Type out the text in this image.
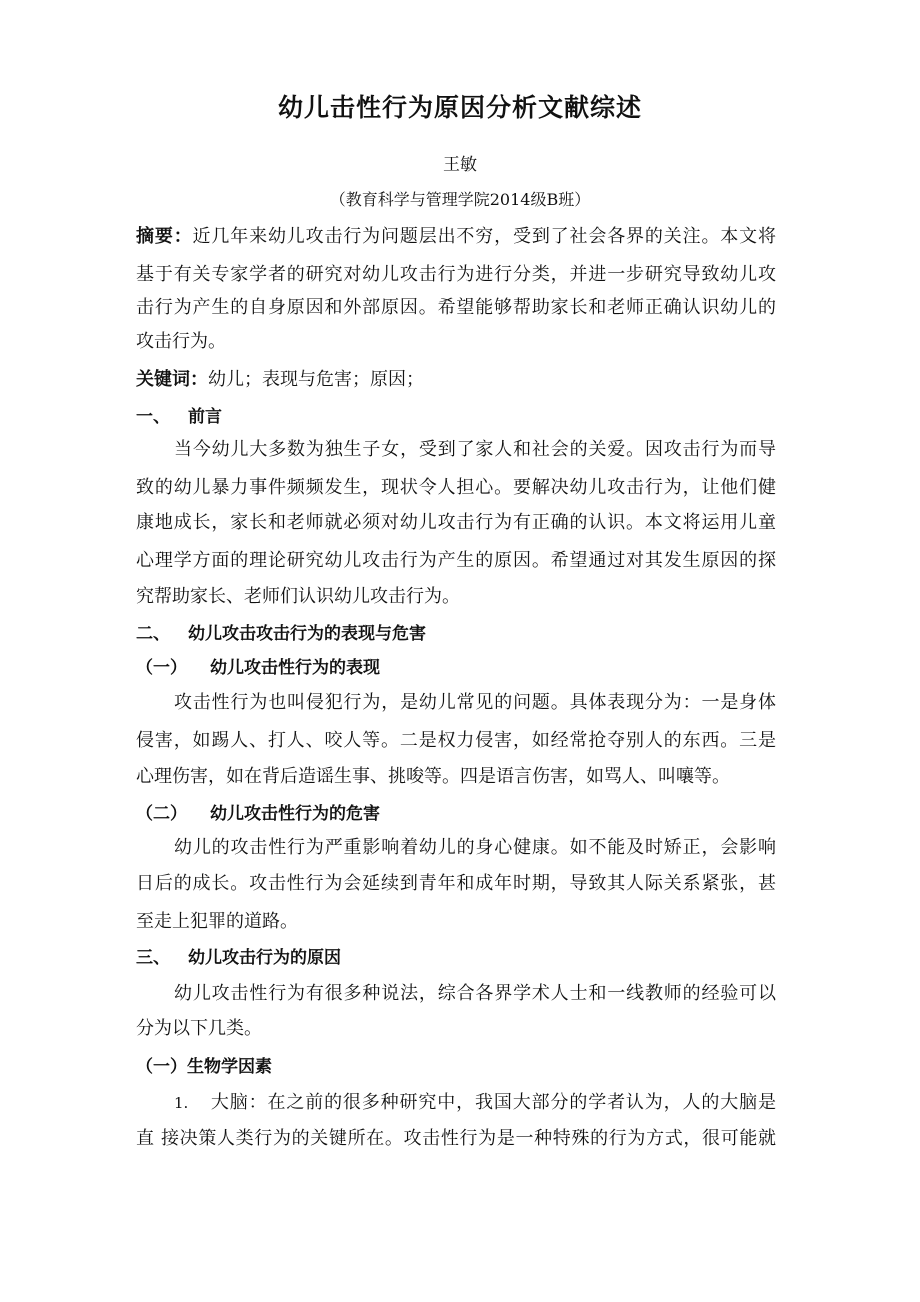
幼儿击性行为原因分析文献综述
王敏
（教育科学与管理学院2014级B班）
摘要：近几年来幼儿攻击行为问题层出不穷，受到了社会各界的关注。本文将
基于有关专家学者的研究对幼儿攻击行为进行分类，并进一步研究导致幼儿攻
击行为产生的自身原因和外部原因。希望能够帮助家长和老师正确认识幼儿的
攻击行为。
关键词：幼儿；表现与危害；原因；
一、 前言
当今幼儿大多数为独生子女，受到了家人和社会的关爱。因攻击行为而导
致的幼儿暴力事件频频发生，现状令人担心。要解决幼儿攻击行为，让他们健
康地成长，家长和老师就必须对幼儿攻击行为有正确的认识。本文将运用儿童
心理学方面的理论研究幼儿攻击行为产生的原因。希望通过对其发生原因的探
究帮助家长、老师们认识幼儿攻击行为。
二、 幼儿攻击攻击行为的表现与危害
（一） 幼儿攻击性行为的表现
攻击性行为也叫侵犯行为，是幼儿常见的问题。具体表现分为：一是身体
侵害，如踢人、打人、咬人等。二是权力侵害，如经常抢夺别人的东西。三是
心理伤害，如在背后造谣生事、挑唆等。四是语言伤害，如骂人、叫嚷等。
（二） 幼儿攻击性行为的危害
幼儿的攻击性行为严重影响着幼儿的身心健康。如不能及时矫正，会影响
日后的成长。攻击性行为会延续到青年和成年时期，导致其人际关系紧张，甚
至走上犯罪的道路。
三、 幼儿攻击行为的原因
幼儿攻击性行为有很多种说法，综合各界学术人士和一线教师的经验可以
分为以下几类。
（一）生物学因素
1. 大脑：在之前的很多种研究中，我国大部分的学者认为，人的大脑是
直 接决策人类行为的关键所在。攻击性行为是一种特殊的行为方式，很可能就
